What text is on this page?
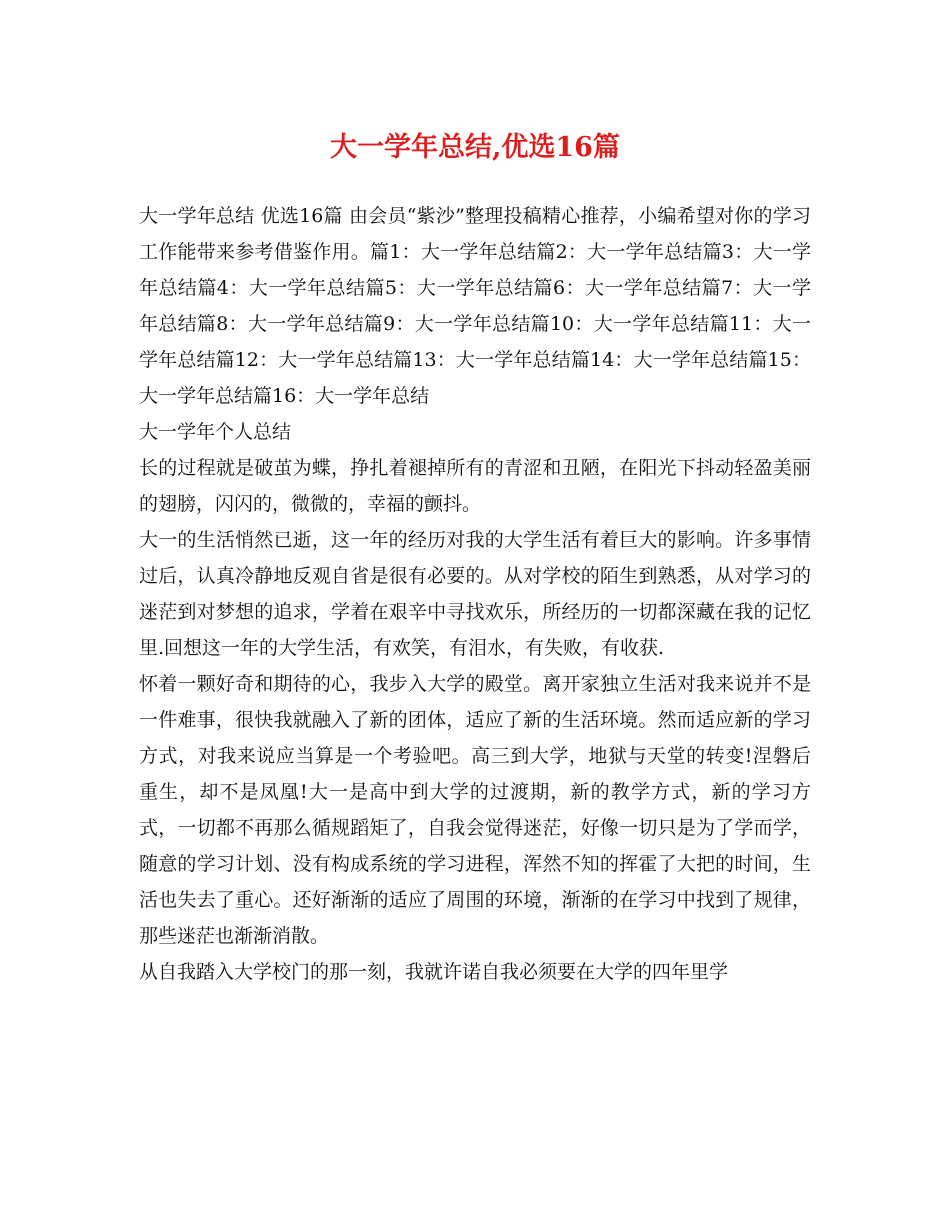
大一学年总结,优选16篇

大一学年总结 优选16篇 由会员“紫沙”整理投稿精心推荐，小编希望对你的学习工作能带来参考借鉴作用。篇1：大一学年总结篇2：大一学年总结篇3：大一学年总结篇4：大一学年总结篇5：大一学年总结篇6：大一学年总结篇7：大一学年总结篇8：大一学年总结篇9：大一学年总结篇10：大一学年总结篇11：大一学年总结篇12：大一学年总结篇13：大一学年总结篇14：大一学年总结篇15：大一学年总结篇16：大一学年总结

大一学年个人总结

长的过程就是破茧为蝶，挣扎着褪掉所有的青涩和丑陋，在阳光下抖动轻盈美丽的翅膀，闪闪的，微微的，幸福的颤抖。

大一的生活悄然已逝，这一年的经历对我的大学生活有着巨大的影响。许多事情过后，认真冷静地反观自省是很有必要的。从对学校的陌生到熟悉，从对学习的迷茫到对梦想的追求，学着在艰辛中寻找欢乐，所经历的一切都深藏在我的记忆里.回想这一年的大学生活，有欢笑，有泪水，有失败，有收获.

怀着一颗好奇和期待的心，我步入大学的殿堂。离开家独立生活对我来说并不是一件难事，很快我就融入了新的团体，适应了新的生活环境。然而适应新的学习方式，对我来说应当算是一个考验吧。高三到大学，地狱与天堂的转变!涅磐后重生，却不是凤凰!大一是高中到大学的过渡期，新的教学方式，新的学习方式，一切都不再那么循规蹈矩了，自我会觉得迷茫，好像一切只是为了学而学，随意的学习计划、没有构成系统的学习进程，浑然不知的挥霍了大把的时间，生活也失去了重心。还好渐渐的适应了周围的环境，渐渐的在学习中找到了规律，那些迷茫也渐渐消散。

从自我踏入大学校门的那一刻，我就许诺自我必须要在大学的四年里学
